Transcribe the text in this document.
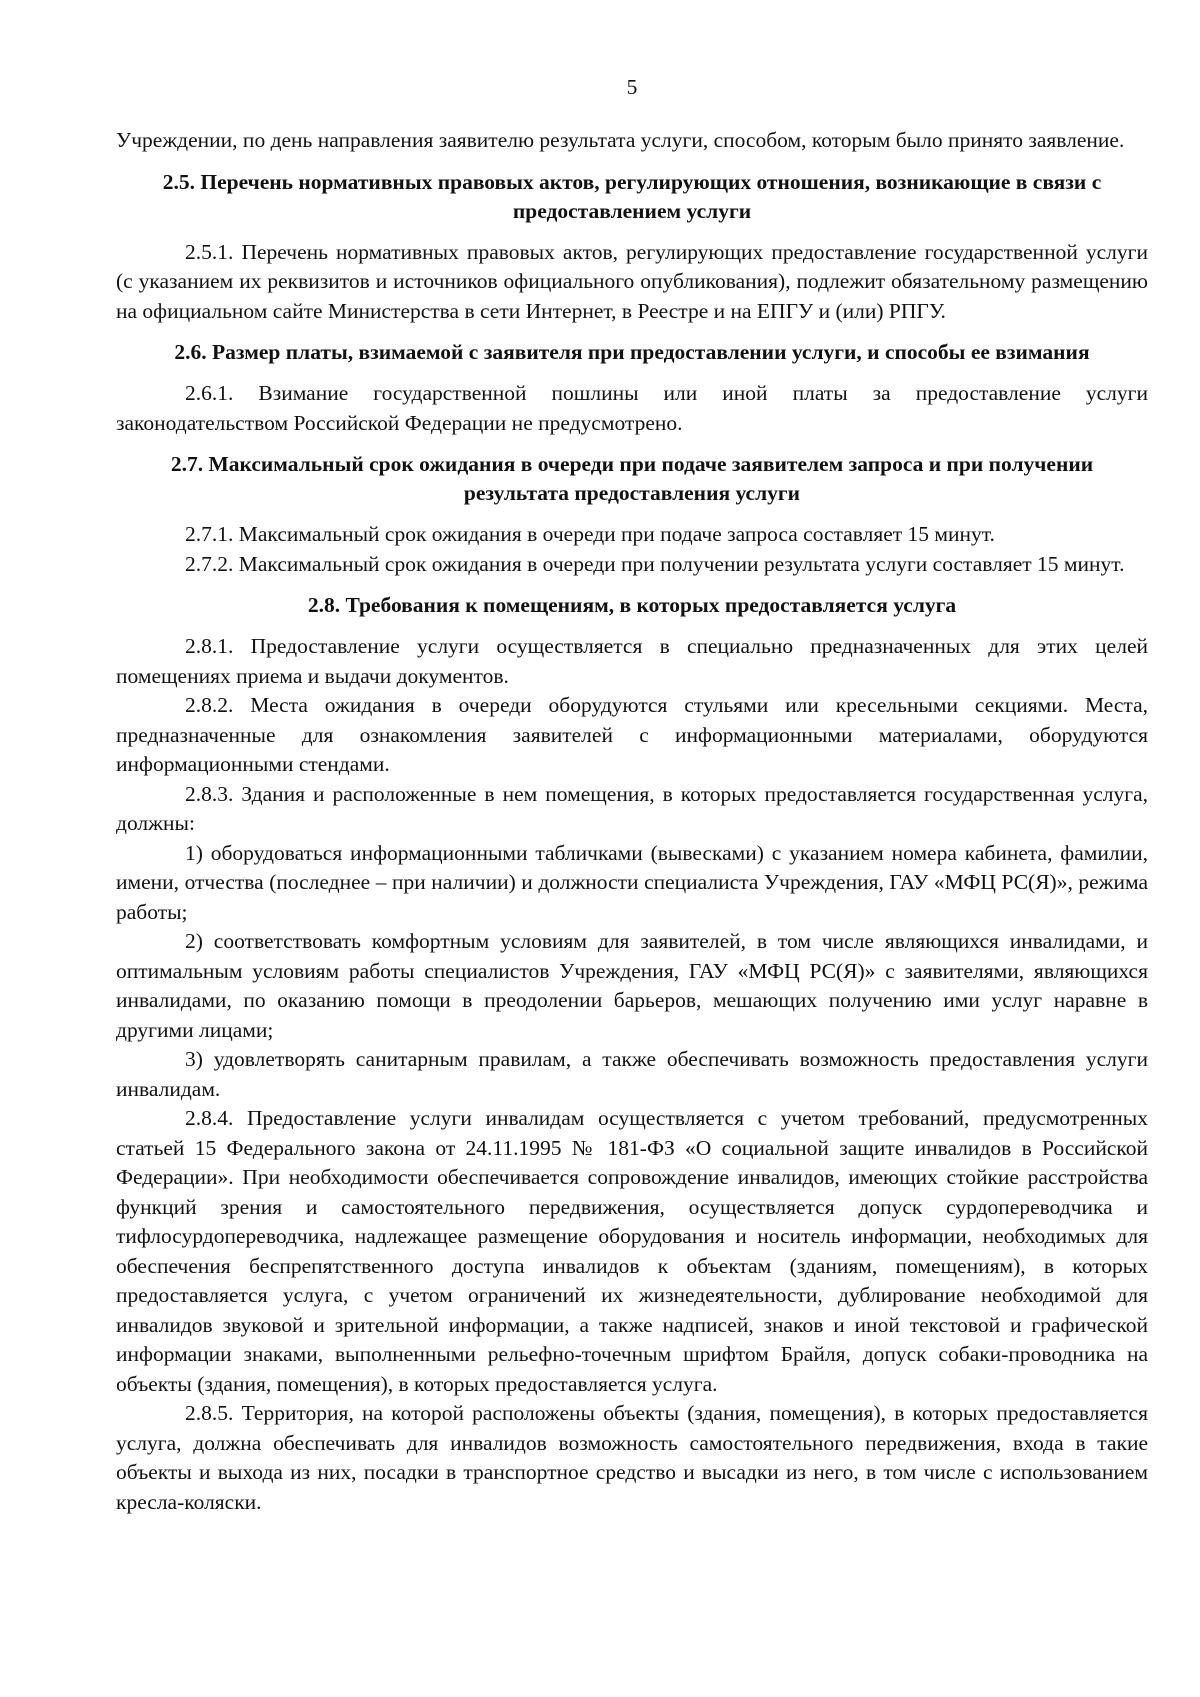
5

Учреждении, по день направления заявителю результата услуги, способом, которым было принято заявление.

2.5. Перечень нормативных правовых актов, регулирующих отношения, возникающие в связи с предоставлением услуги

2.5.1. Перечень нормативных правовых актов, регулирующих предоставление государственной услуги (с указанием их реквизитов и источников официального опубликования), подлежит обязательному размещению на официальном сайте Министерства в сети Интернет, в Реестре и на ЕПГУ и (или) РПГУ.

2.6. Размер платы, взимаемой с заявителя при предоставлении услуги, и способы ее взимания

2.6.1. Взимание государственной пошлины или иной платы за предоставление услуги законодательством Российской Федерации не предусмотрено.

2.7. Максимальный срок ожидания в очереди при подаче заявителем запроса и при получении результата предоставления услуги

2.7.1. Максимальный срок ожидания в очереди при подаче запроса составляет 15 минут.

2.7.2. Максимальный срок ожидания в очереди при получении результата услуги составляет 15 минут.

2.8. Требования к помещениям, в которых предоставляется услуга

2.8.1. Предоставление услуги осуществляется в специально предназначенных для этих целей помещениях приема и выдачи документов.

2.8.2. Места ожидания в очереди оборудуются стульями или кресельными секциями. Места, предназначенные для ознакомления заявителей с информационными материалами, оборудуются информационными стендами.

2.8.3. Здания и расположенные в нем помещения, в которых предоставляется государственная услуга, должны:

1) оборудоваться информационными табличками (вывесками) с указанием номера кабинета, фамилии, имени, отчества (последнее – при наличии) и должности специалиста Учреждения, ГАУ «МФЦ РС(Я)», режима работы;

2) соответствовать комфортным условиям для заявителей, в том числе являющихся инвалидами, и оптимальным условиям работы специалистов Учреждения, ГАУ «МФЦ РС(Я)» с заявителями, являющихся инвалидами, по оказанию помощи в преодолении барьеров, мешающих получению ими услуг наравне в другими лицами;

3) удовлетворять санитарным правилам, а также обеспечивать возможность предоставления услуги инвалидам.

2.8.4. Предоставление услуги инвалидам осуществляется с учетом требований, предусмотренных статьей 15 Федерального закона от 24.11.1995 № 181-ФЗ «О социальной защите инвалидов в Российской Федерации». При необходимости обеспечивается сопровождение инвалидов, имеющих стойкие расстройства функций зрения и самостоятельного передвижения, осуществляется допуск сурдопереводчика и тифлосурдопереводчика, надлежащее размещение оборудования и носитель информации, необходимых для обеспечения беспрепятственного доступа инвалидов к объектам (зданиям, помещениям), в которых предоставляется услуга, с учетом ограничений их жизнедеятельности, дублирование необходимой для инвалидов звуковой и зрительной информации, а также надписей, знаков и иной текстовой и графической информации знаками, выполненными рельефно-точечным шрифтом Брайля, допуск собаки-проводника на объекты (здания, помещения), в которых предоставляется услуга.

2.8.5. Территория, на которой расположены объекты (здания, помещения), в которых предоставляется услуга, должна обеспечивать для инвалидов возможность самостоятельного передвижения, входа в такие объекты и выхода из них, посадки в транспортное средство и высадки из него, в том числе с использованием кресла-коляски.
